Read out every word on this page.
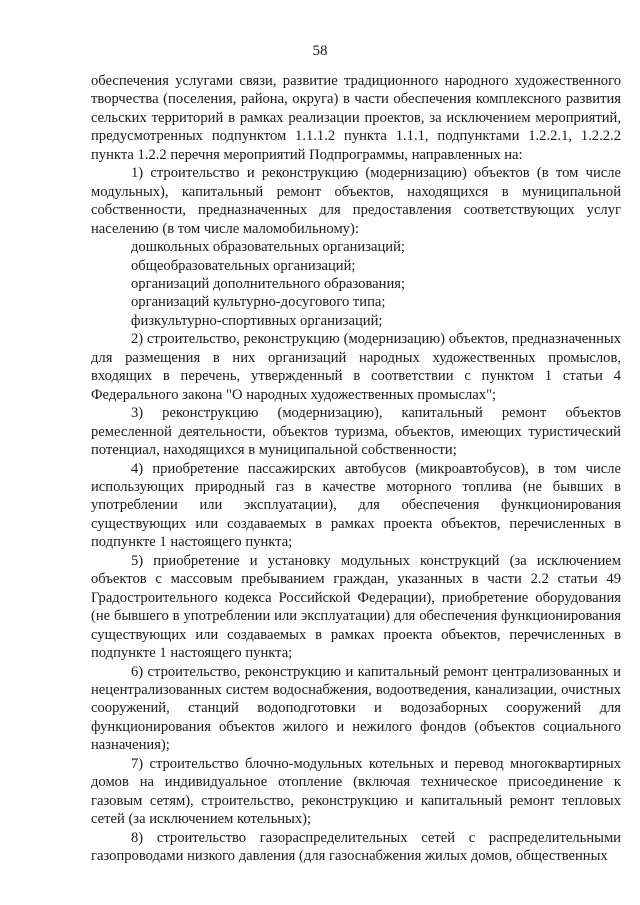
58

обеспечения услугами связи, развитие традиционного народного художественного творчества (поселения, района, округа) в части обеспечения комплексного развития сельских территорий в рамках реализации проектов, за исключением мероприятий, предусмотренных подпунктом 1.1.1.2 пункта 1.1.1, подпунктами 1.2.2.1, 1.2.2.2 пункта 1.2.2 перечня мероприятий Подпрограммы, направленных на:

1) строительство и реконструкцию (модернизацию) объектов (в том числе модульных), капитальный ремонт объектов, находящихся в муниципальной собственности, предназначенных для предоставления соответствующих услуг населению (в том числе маломобильному):

дошкольных образовательных организаций;

общеобразовательных организаций;

организаций дополнительного образования;

организаций культурно-досугового типа;

физкультурно-спортивных организаций;

2) строительство, реконструкцию (модернизацию) объектов, предназначенных для размещения в них организаций народных художественных промыслов, входящих в перечень, утвержденный в соответствии с пунктом 1 статьи 4 Федерального закона "О народных художественных промыслах";

3) реконструкцию (модернизацию), капитальный ремонт объектов ремесленной деятельности, объектов туризма, объектов, имеющих туристический потенциал, находящихся в муниципальной собственности;

4) приобретение пассажирских автобусов (микроавтобусов), в том числе использующих природный газ в качестве моторного топлива (не бывших в употреблении или эксплуатации), для обеспечения функционирования существующих или создаваемых в рамках проекта объектов, перечисленных в подпункте 1 настоящего пункта;

5) приобретение и установку модульных конструкций (за исключением объектов с массовым пребыванием граждан, указанных в части 2.2 статьи 49 Градостроительного кодекса Российской Федерации), приобретение оборудования (не бывшего в употреблении или эксплуатации) для обеспечения функционирования существующих или создаваемых в рамках проекта объектов, перечисленных в подпункте 1 настоящего пункта;

6) строительство, реконструкцию и капитальный ремонт централизованных и нецентрализованных систем водоснабжения, водоотведения, канализации, очистных сооружений, станций водоподготовки и водозаборных сооружений для функционирования объектов жилого и нежилого фондов (объектов социального назначения);

7) строительство блочно-модульных котельных и перевод многоквартирных домов на индивидуальное отопление (включая техническое присоединение к газовым сетям), строительство, реконструкцию и капитальный ремонт тепловых сетей (за исключением котельных);

8) строительство газораспределительных сетей с распределительными газопроводами низкого давления (для газоснабжения жилых домов, общественных
